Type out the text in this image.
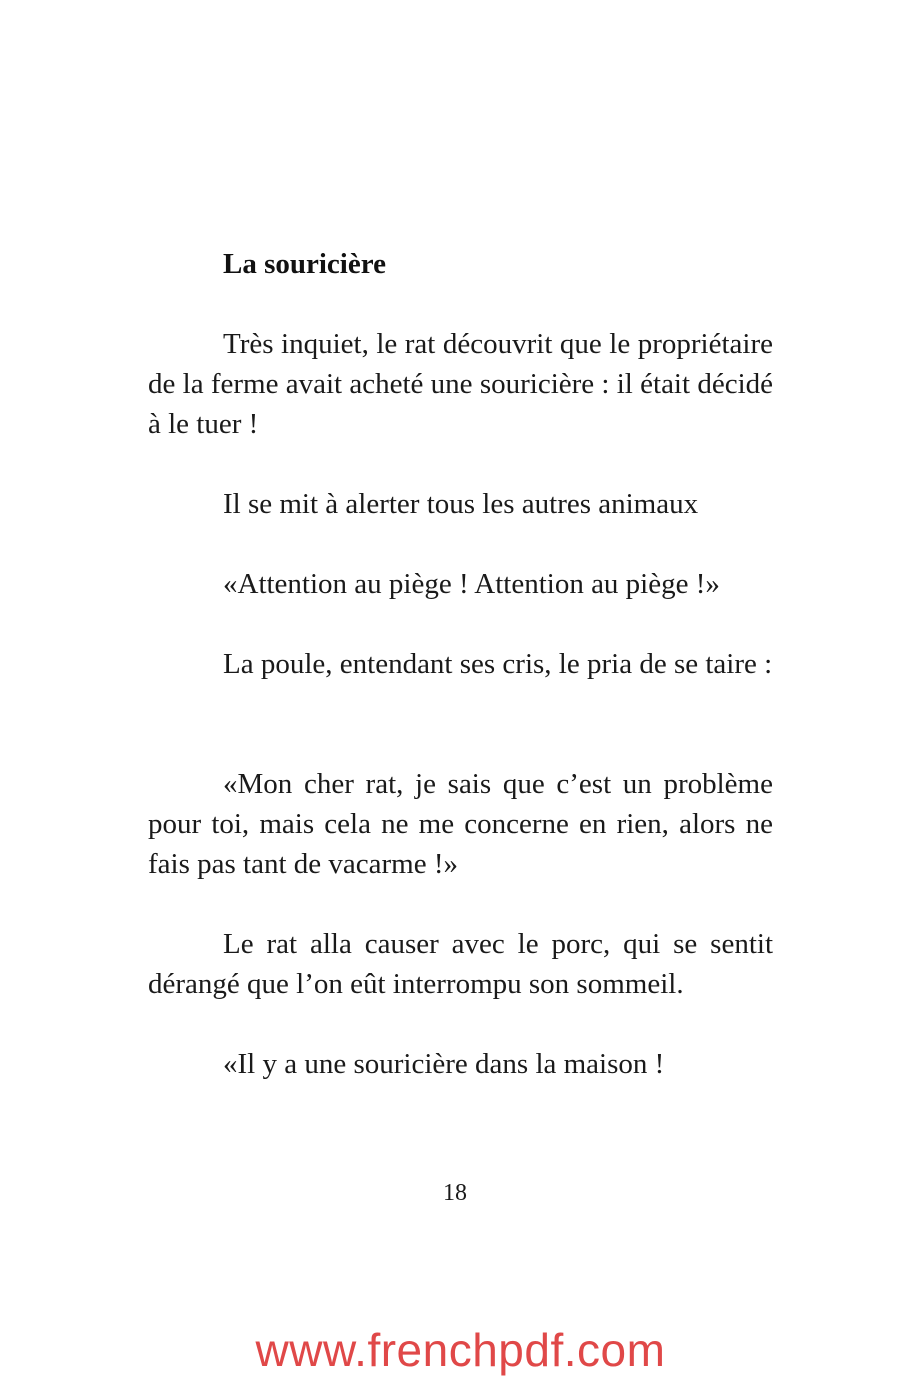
La souricière

Très inquiet, le rat découvrit que le propriétaire de la ferme avait acheté une souricière : il était décidé à le tuer !

Il se mit à alerter tous les autres animaux

«Attention au piège ! Attention au piège !»

La poule, entendant ses cris, le pria de se taire :

«Mon cher rat, je sais que c’est un problème pour toi, mais cela ne me concerne en rien, alors ne fais pas tant de vacarme !»

Le rat alla causer avec le porc, qui se sentit dérangé que l’on eût interrompu son sommeil.

«Il y a une souricière dans la maison !

18
www.frenchpdf.com
